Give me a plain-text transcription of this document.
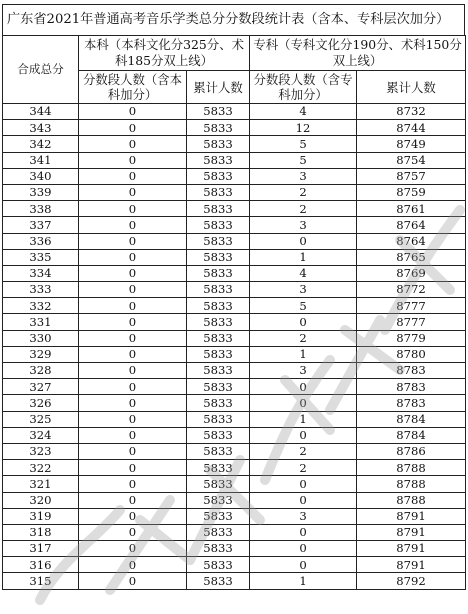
广东省2021年普通高考音乐学类总分分数段统计表（含本、专科层次加分）
合成总分	本科（本科文化分325分、术科185分双上线）		专科（专科文化分190分、术科150分双上线）	
	分数段人数（含本科加分）	累计人数	分数段人数（含专科加分）	累计人数
344	0	5833	4	8732
343	0	5833	12	8744
342	0	5833	5	8749
341	0	5833	5	8754
340	0	5833	3	8757
339	0	5833	2	8759
338	0	5833	2	8761
337	0	5833	3	8764
336	0	5833	0	8764
335	0	5833	1	8765
334	0	5833	4	8769
333	0	5833	3	8772
332	0	5833	5	8777
331	0	5833	0	8777
330	0	5833	2	8779
329	0	5833	1	8780
328	0	5833	3	8783
327	0	5833	0	8783
326	0	5833	0	8783
325	0	5833	1	8784
324	0	5833	0	8784
323	0	5833	2	8786
322	0	5833	2	8788
321	0	5833	0	8788
320	0	5833	0	8788
319	0	5833	3	8791
318	0	5833	0	8791
317	0	5833	0	8791
316	0	5833	0	8791
315	0	5833	1	8792
